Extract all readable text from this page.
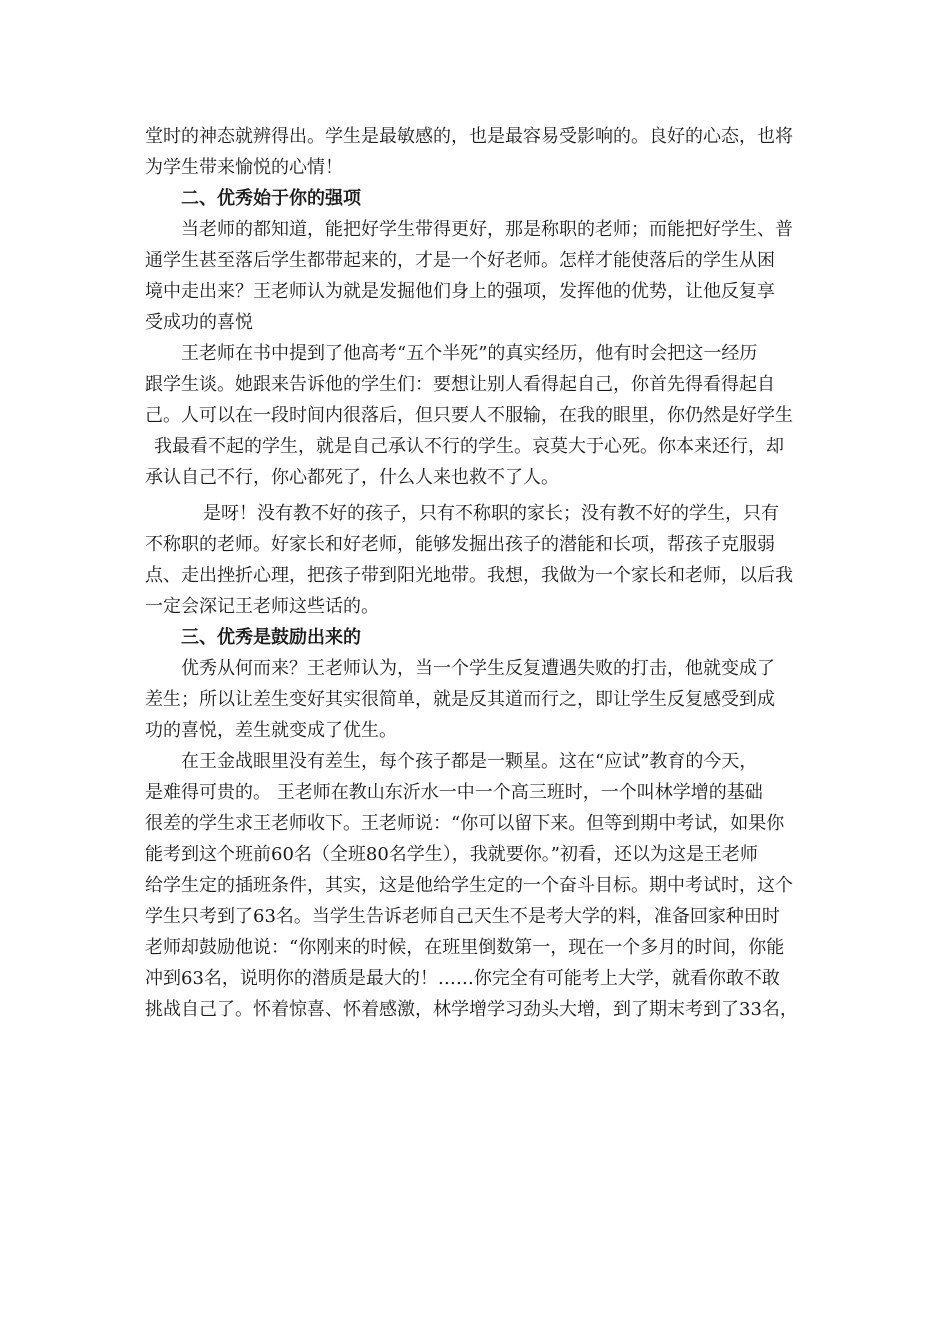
堂时的神态就辨得出。学生是最敏感的，也是最容易受影响的。良好的心态，也将
为学生带来愉悦的心情！
二、优秀始于你的强项
当老师的都知道，能把好学生带得更好，那是称职的老师；而能把好学生、普
通学生甚至落后学生都带起来的，才是一个好老师。怎样才能使落后的学生从困
境中走出来？王老师认为就是发掘他们身上的强项，发挥他的优势，让他反复享
受成功的喜悦
王老师在书中提到了他高考“五个半死”的真实经历，他有时会把这一经历
跟学生谈。她跟来告诉他的学生们：要想让别人看得起自己，你首先得看得起自
己。人可以在一段时间内很落后，但只要人不服输，在我的眼里，你仍然是好学生
我最看不起的学生，就是自己承认不行的学生。哀莫大于心死。你本来还行，却
承认自己不行，你心都死了，什么人来也救不了人。
是呀！没有教不好的孩子，只有不称职的家长；没有教不好的学生，只有
不称职的老师。好家长和好老师，能够发掘出孩子的潜能和长项，帮孩子克服弱
点、走出挫折心理，把孩子带到阳光地带。我想，我做为一个家长和老师，以后我
一定会深记王老师这些话的。
三、优秀是鼓励出来的
优秀从何而来？王老师认为，当一个学生反复遭遇失败的打击，他就变成了
差生；所以让差生变好其实很简单，就是反其道而行之，即让学生反复感受到成
功的喜悦，差生就变成了优生。
在王金战眼里没有差生，每个孩子都是一颗星。这在“应试”教育的今天，
是难得可贵的。 王老师在教山东沂水一中一个高三班时，一个叫林学增的基础
很差的学生求王老师收下。王老师说：“你可以留下来。但等到期中考试，如果你
能考到这个班前60名（全班80名学生），我就要你。”初看，还以为这是王老师
给学生定的插班条件，其实，这是他给学生定的一个奋斗目标。期中考试时，这个
学生只考到了63名。当学生告诉老师自己天生不是考大学的料，准备回家种田时
老师却鼓励他说：“你刚来的时候，在班里倒数第一，现在一个多月的时间，你能
冲到63名，说明你的潜质是最大的！……你完全有可能考上大学，就看你敢不敢
挑战自己了。怀着惊喜、怀着感激，林学增学习劲头大增，到了期末考到了33名，
